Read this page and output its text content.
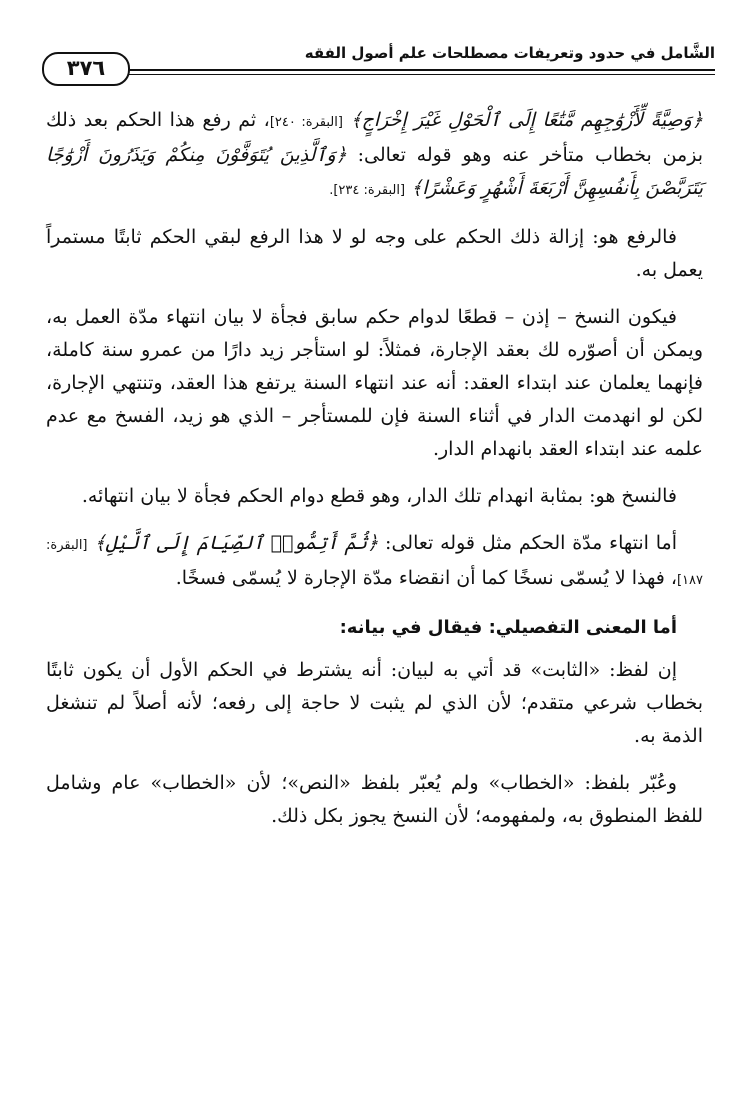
الشَّامل في حدود وتعريفات مصطلحات علم أصول الفقه
٣٧٦

﴿وَصِيَّةً لِّأَزْوَٰجِهِم مَّتَٰعًا إِلَى ٱلْحَوْلِ غَيْرَ إِخْرَاجٍ﴾ [البقرة: ٢٤٠]، ثم رفع هذا الحكم بعد ذلك بزمن بخطاب متأخر عنه وهو قوله تعالى: ﴿وَٱلَّذِينَ يُتَوَفَّوْنَ مِنكُمْ وَيَذَرُونَ أَزْوَٰجًا يَتَرَبَّصْنَ بِأَنفُسِهِنَّ أَرْبَعَةَ أَشْهُرٍ وَعَشْرًا﴾ [البقرة: ٢٣٤].

فالرفع هو: إزالة ذلك الحكم على وجه لو لا هذا الرفع لبقي الحكم ثابتًا مستمراً يعمل به.

فيكون النسخ – إذن – قطعًا لدوام حكم سابق فجأة لا بيان انتهاء مدّة العمل به، ويمكن أن أصوّره لك بعقد الإجارة، فمثلاً: لو استأجر زيد دارًا من عمرو سنة كاملة، فإنهما يعلمان عند ابتداء العقد: أنه عند انتهاء السنة يرتفع هذا العقد، وتنتهي الإجارة، لكن لو انهدمت الدار في أثناء السنة فإن للمستأجر – الذي هو زيد، الفسخ مع عدم علمه عند ابتداء العقد بانهدام الدار.

فالنسخ هو: بمثابة انهدام تلك الدار، وهو قطع دوام الحكم فجأة لا بيان انتهائه.

أما انتهاء مدّة الحكم مثل قوله تعالى: ﴿ثُمَّ أَتِمُّوا۟ ٱلصِّيَامَ إِلَى ٱلَّيْلِ﴾ [البقرة: ١٨٧]، فهذا لا يُسمّى نسخًا كما أن انقضاء مدّة الإجارة لا يُسمّى فسخًا.

أما المعنى التفصيلي: فيقال في بيانه:

إن لفظ: «الثابت» قد أتي به لبيان: أنه يشترط في الحكم الأول أن يكون ثابتًا بخطاب شرعي متقدم؛ لأن الذي لم يثبت لا حاجة إلى رفعه؛ لأنه أصلاً لم تنشغل الذمة به.

وعُبّر بلفظ: «الخطاب» ولم يُعبّر بلفظ «النص»؛ لأن «الخطاب» عام وشامل للفظ المنطوق به، ولمفهومه؛ لأن النسخ يجوز بكل ذلك.
